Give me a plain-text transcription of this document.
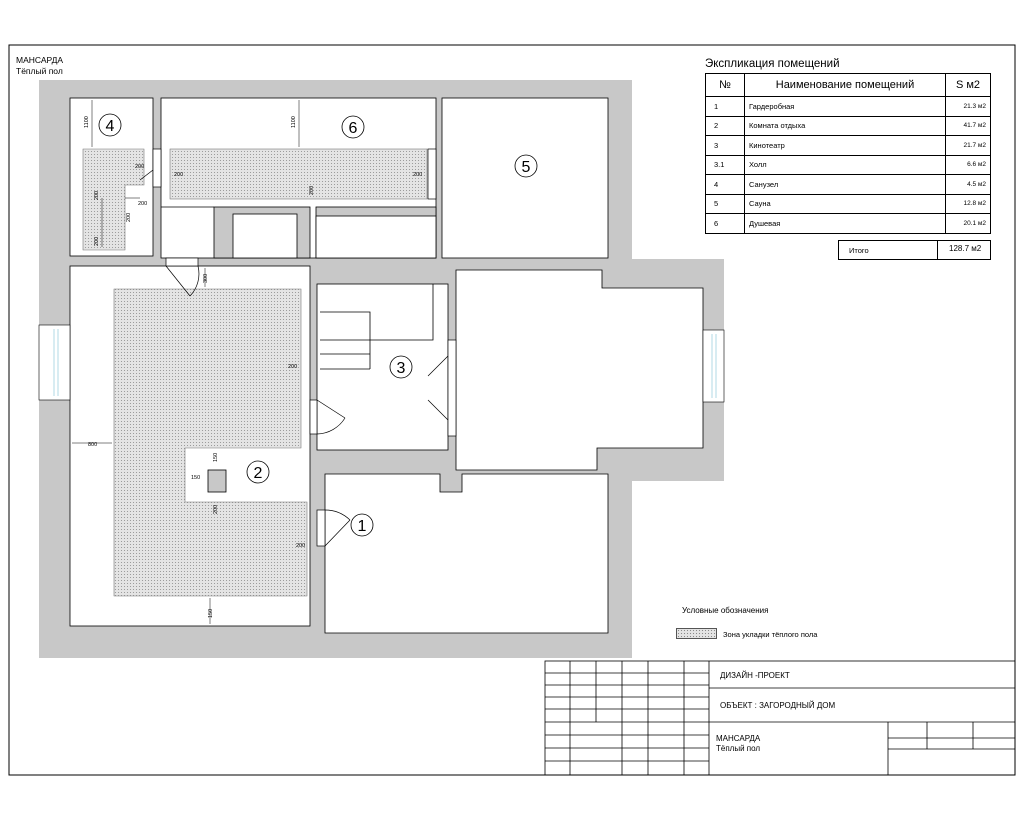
МАНСАРДА
Тёплый пол
1100	1100
200
200	200
200
200
200
200
200
300
200
800
150
150
200
200
150
4	6
5
3
2
1
Экспликация помещений
№	Наименование помещений	S м2
1	Гардеробная	21.3 м2
2	Комната отдыха	41.7 м2
3	Кинотеатр	21.7 м2
3.1	Холл	6.6 м2
4	Санузел	4.5 м2
5	Сауна	12.8 м2
6	Душевая	20.1 м2
Итого	128.7 м2
Условные обозначения
Зона укладки тёплого пола
ДИЗАЙН -ПРОЕКТ
ОБЪЕКТ : ЗАГОРОДНЫЙ ДОМ
МАНСАРДА
Тёплый пол
